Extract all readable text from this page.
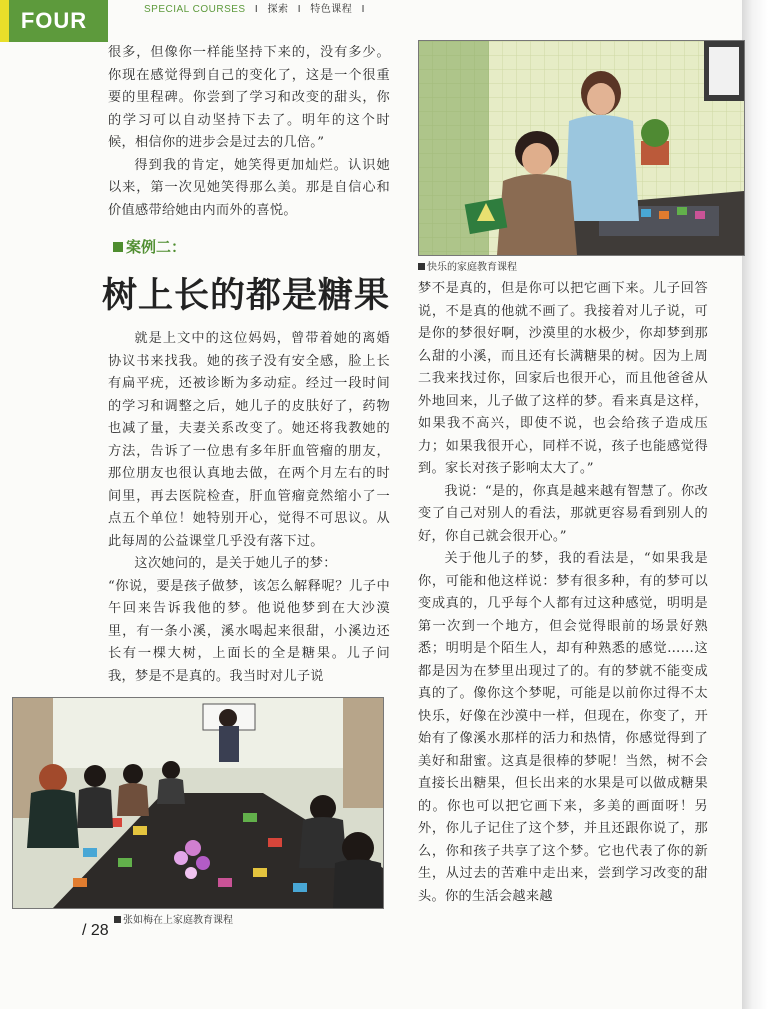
FOUR	SPECIAL COURSES I 探索 I 特色课程 I

很多，但像你一样能坚持下来的，没有多少。你现在感觉得到自己的变化了，这是一个很重要的里程碑。你尝到了学习和改变的甜头，你的学习可以自动坚持下去了。明年的这个时候，相信你的进步会是过去的几倍。”

得到我的肯定，她笑得更加灿烂。认识她以来，第一次见她笑得那么美。那是自信心和价值感带给她由内而外的喜悦。

案例二：
树上长的都是糖果

就是上文中的这位妈妈，曾带着她的离婚协议书来找我。她的孩子没有安全感，脸上长有扁平疣，还被诊断为多动症。经过一段时间的学习和调整之后，她儿子的皮肤好了，药物也减了量，夫妻关系改变了。她还将我教她的方法，告诉了一位患有多年肝血管瘤的朋友，那位朋友也很认真地去做，在两个月左右的时间里，再去医院检查，肝血管瘤竟然缩小了一点五个单位！她特别开心，觉得不可思议。从此每周的公益课堂几乎没有落下过。

这次她问的，是关于她儿子的梦：

“你说，要是孩子做梦，该怎么解释呢？儿子中午回来告诉我他的梦。他说他梦到在大沙漠里，有一条小溪，溪水喝起来很甜，小溪边还长有一棵大树，上面长的全是糖果。儿子问我，梦是不是真的。我当时对儿子说

快乐的家庭教育课程

梦不是真的，但是你可以把它画下来。儿子回答说，不是真的他就不画了。我接着对儿子说，可是你的梦很好啊，沙漠里的水极少，你却梦到那么甜的小溪，而且还有长满糖果的树。因为上周二我来找过你，回家后也很开心，而且他爸爸从外地回来，儿子做了这样的梦。看来真是这样，如果我不高兴，即使不说，也会给孩子造成压力；如果我很开心，同样不说，孩子也能感觉得到。家长对孩子影响太大了。”

我说：“是的，你真是越来越有智慧了。你改变了自己对别人的看法，那就更容易看到别人的好，你自己就会很开心。”

关于他儿子的梦，我的看法是，“如果我是你，可能和他这样说：梦有很多种，有的梦可以变成真的，几乎每个人都有过这种感觉，明明是第一次到一个地方，但会觉得眼前的场景好熟悉；明明是个陌生人，却有种熟悉的感觉……这都是因为在梦里出现过了的。有的梦就不能变成真的了。像你这个梦呢，可能是以前你过得不太快乐，好像在沙漠中一样，但现在，你变了，开始有了像溪水那样的活力和热情，你感觉得到了美好和甜蜜。这真是很棒的梦呢！当然，树不会直接长出糖果，但长出来的水果是可以做成糖果的。你也可以把它画下来，多美的画面呀！另外，你儿子记住了这个梦，并且还跟你说了，那么，你和孩子共享了这个梦。它也代表了你的新生，从过去的苦难中走出来，尝到学习改变的甜头。你的生活会越来越

张如梅在上家庭教育课程
/ 28
